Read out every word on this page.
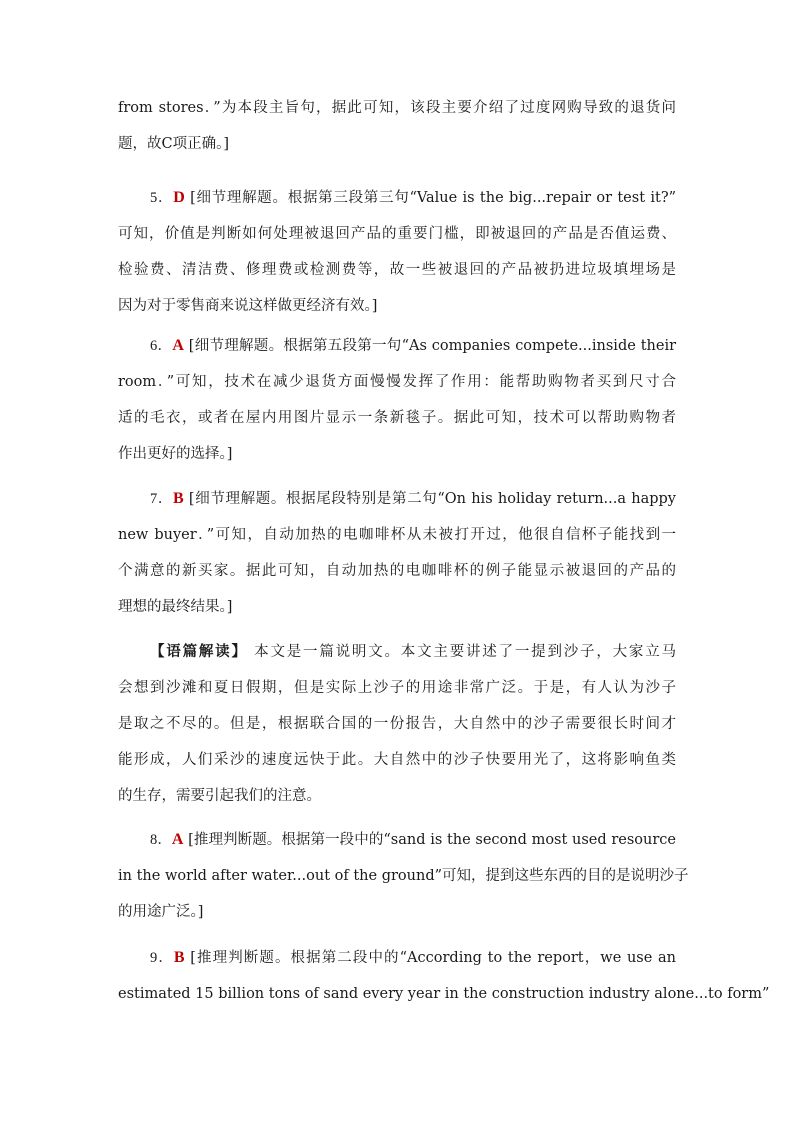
from stores．”为本段主旨句，据此可知，该段主要介绍了过度网购导致的退货问
题，故C项正确。]
5．D [细节理解题。根据第三段第三句“Value is the big...repair or test it?”
可知，价值是判断如何处理被退回产品的重要门槛，即被退回的产品是否值运费、
检验费、清洁费、修理费或检测费等，故一些被退回的产品被扔进垃圾填埋场是
因为对于零售商来说这样做更经济有效。]
6．A [细节理解题。根据第五段第一句“As companies compete...inside their
room．”可知，技术在减少退货方面慢慢发挥了作用：能帮助购物者买到尺寸合
适的毛衣，或者在屋内用图片显示一条新毯子。据此可知，技术可以帮助购物者
作出更好的选择。]
7．B [细节理解题。根据尾段特别是第二句“On his holiday return...a happy
new buyer．”可知，自动加热的电咖啡杯从未被打开过，他很自信杯子能找到一
个满意的新买家。据此可知，自动加热的电咖啡杯的例子能显示被退回的产品的
理想的最终结果。]
【语篇解读】 本文是一篇说明文。本文主要讲述了一提到沙子，大家立马
会想到沙滩和夏日假期，但是实际上沙子的用途非常广泛。于是，有人认为沙子
是取之不尽的。但是，根据联合国的一份报告，大自然中的沙子需要很长时间才
能形成，人们采沙的速度远快于此。大自然中的沙子快要用光了，这将影响鱼类
的生存，需要引起我们的注意。
8．A [推理判断题。根据第一段中的“sand is the second most used resource
in the world after water...out of the ground”可知，提到这些东西的目的是说明沙子
的用途广泛。]
9．B [推理判断题。根据第二段中的“According to the report，we use an
estimated 15 billion tons of sand every year in the construction industry alone...to form”
